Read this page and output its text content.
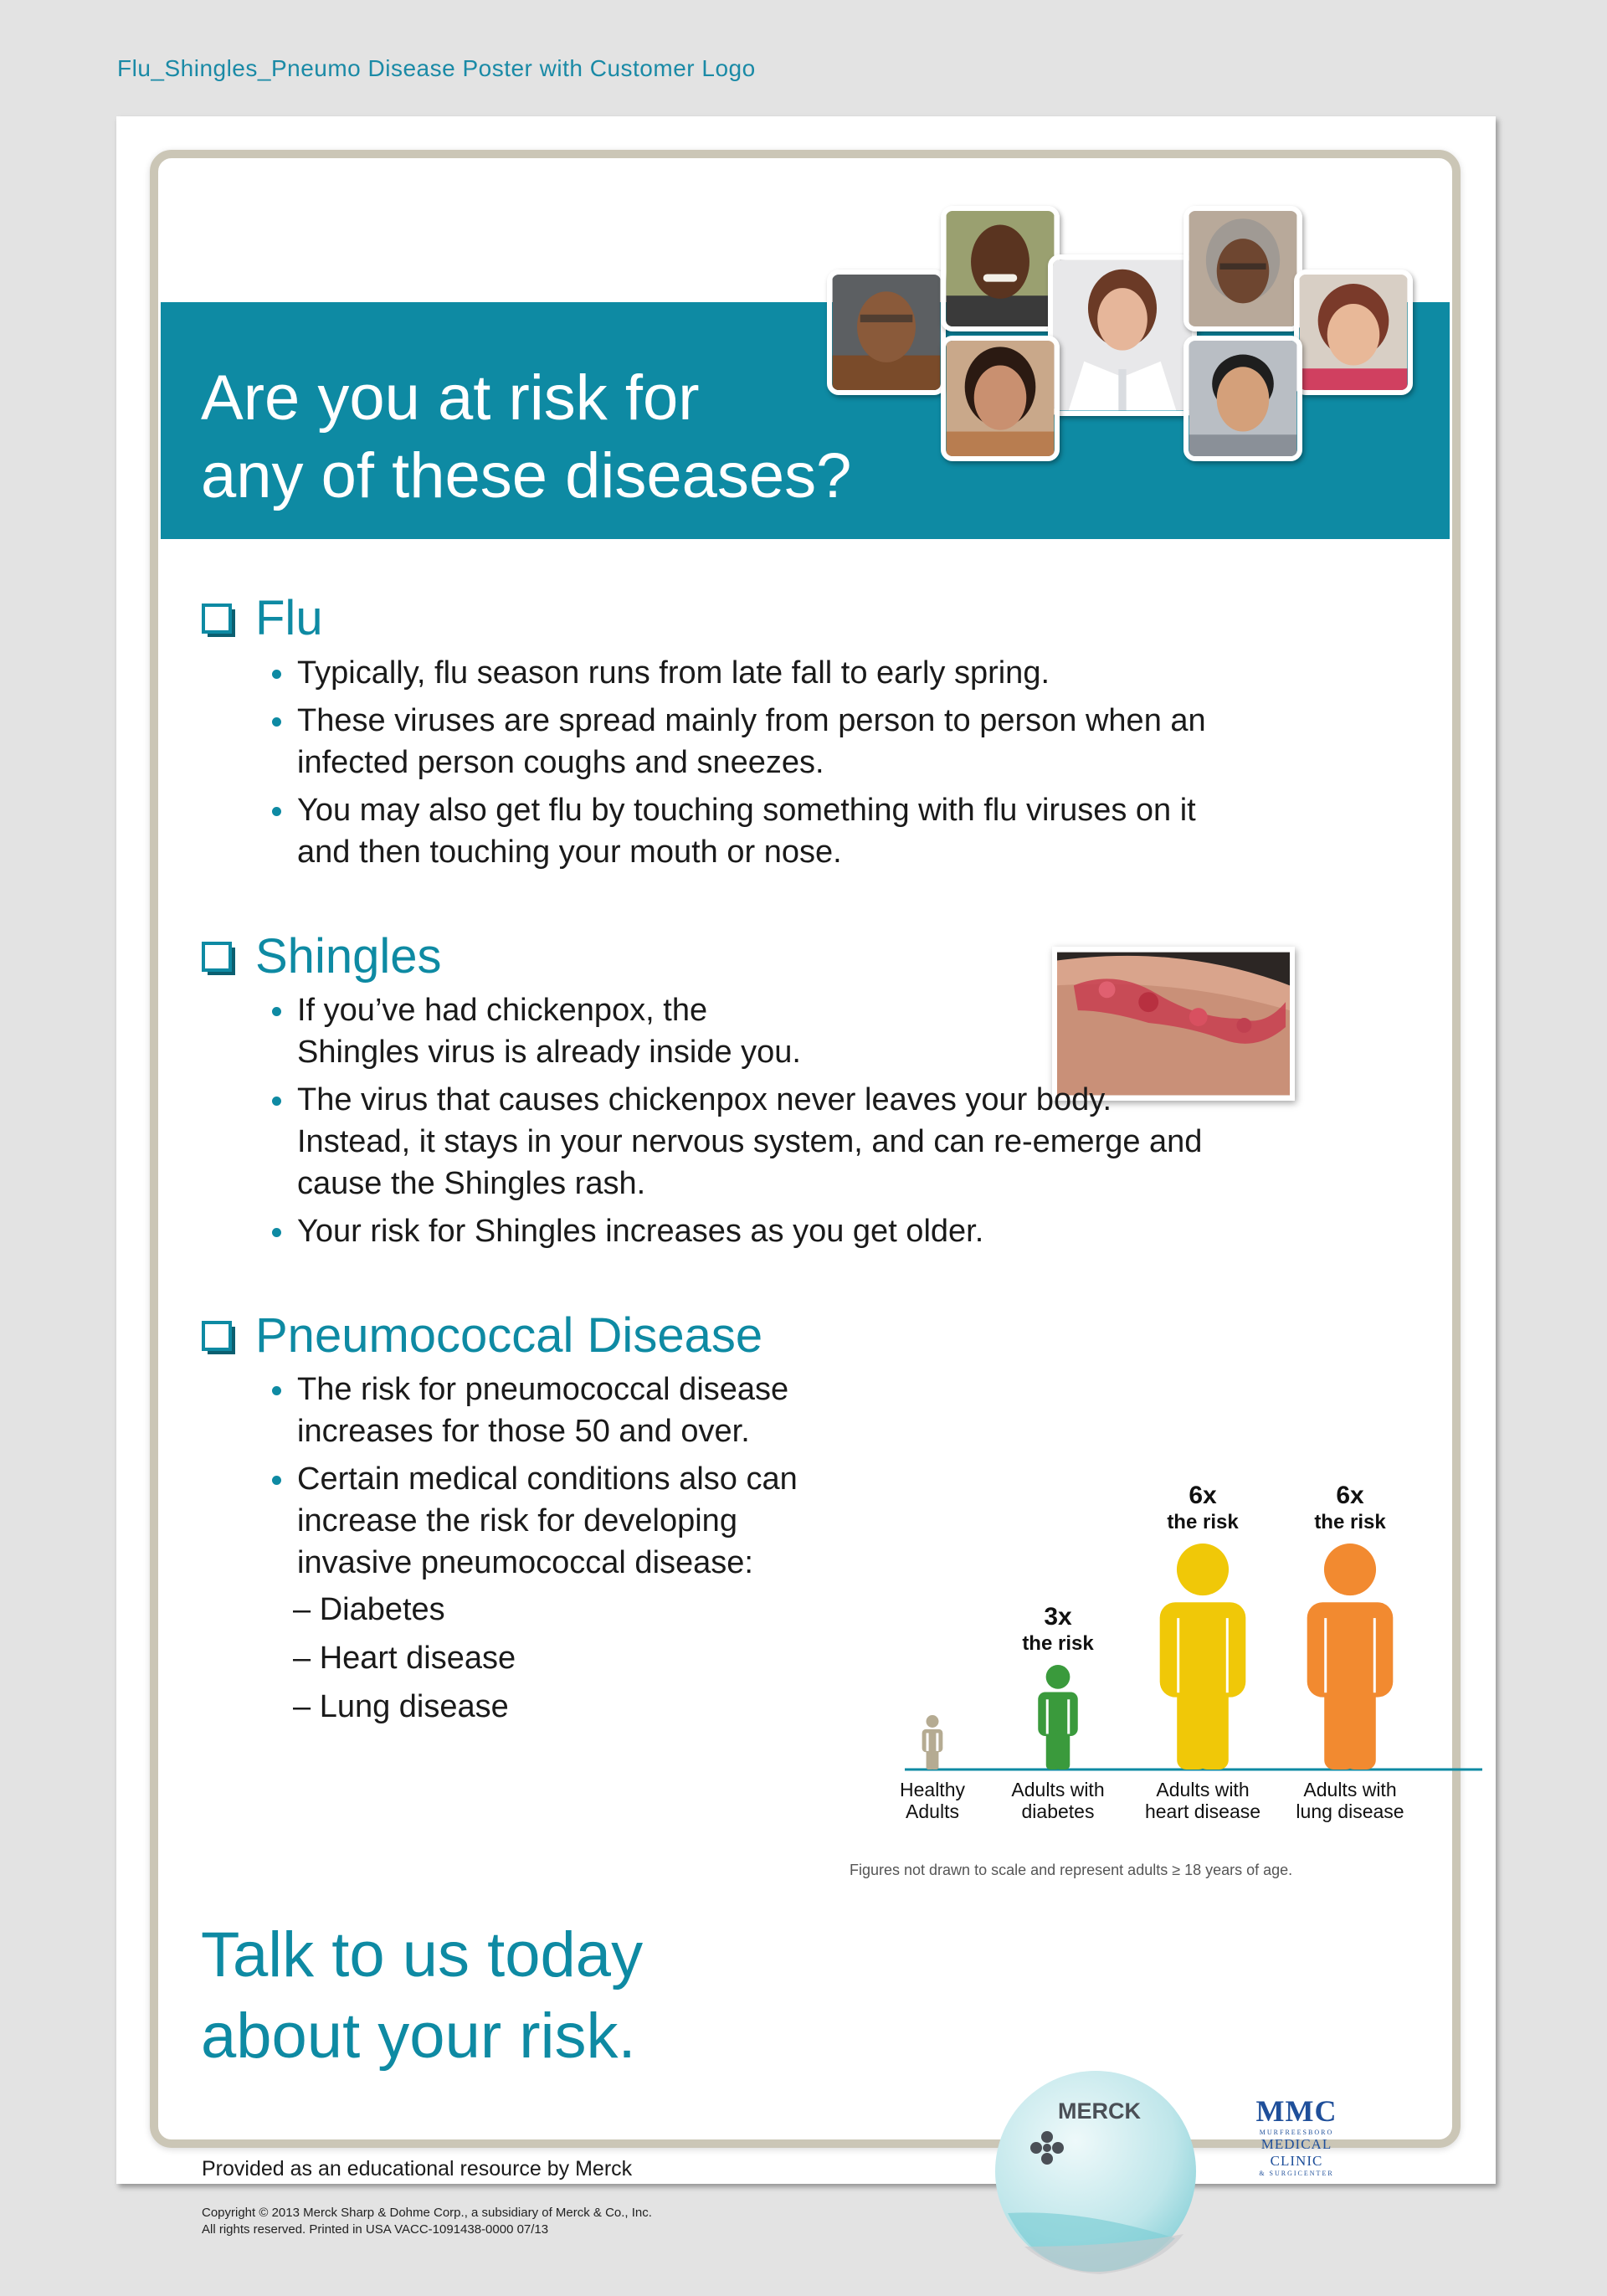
Flu_Shingles_Pneumo Disease Poster with Customer Logo
Are you at risk for
any of these diseases?
Flu
Typically, flu season runs from late fall to early spring.
These viruses are spread mainly from person to person when an infected person coughs and sneezes.
You may also get flu by touching something with flu viruses on it and then touching your mouth or nose.
Shingles
If you’ve had chickenpox, the Shingles virus is already inside you.
The virus that causes chickenpox never leaves your body. Instead, it stays in your nervous system, and can re-emerge and cause the Shingles rash.
Your risk for Shingles increases as you get older.
Pneumococcal Disease
The risk for pneumococcal disease increases for those 50 and over.
Certain medical conditions also can increase the risk for developing invasive pneumococcal disease:
– Diabetes
– Heart disease
– Lung disease
Healthy
Adults
3x
the risk
Adults with
diabetes
6x
the risk
Adults with
heart disease
6x
the risk
Adults with
lung disease
Figures not drawn to scale and represent adults ≥ 18 years of age.
Talk to us today
about your risk.
MERCK	MMC
MURFREESBORO
MEDICAL CLINIC
& SURGICENTER
Provided as an educational resource by Merck
Copyright © 2013 Merck Sharp & Dohme Corp., a subsidiary of Merck & Co., Inc.
All rights reserved. Printed in USA VACC-1091438-0000 07/13
